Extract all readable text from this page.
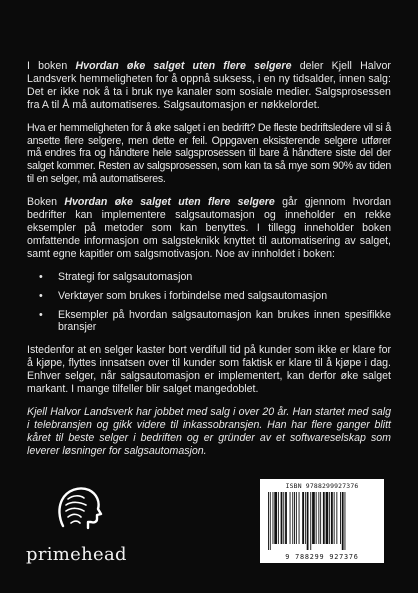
I boken Hvordan øke salget uten flere selgere deler Kjell Halvor Landsverk hemmeligheten for å oppnå suksess, i en ny tidsalder, innen salg: Det er ikke nok å ta i bruk nye kanaler som sosiale medier. Salgsprosessen fra A til Å må automatiseres. Salgsautomasjon er nøkkelordet.

Hva er hemmeligheten for å øke salget i en bedrift? De fleste bedriftsledere vil si å ansette flere selgere, men dette er feil. Oppgaven eksisterende selgere utfører må endres fra og håndtere hele salgsprosessen til bare å håndtere siste del der salget kommer. Resten av salgsprosessen, som kan ta så mye som 90% av tiden til en selger, må automatiseres.

Boken Hvordan øke salget uten flere selgere går gjennom hvordan bedrifter kan implementere salgsautomasjon og inneholder en rekke eksempler på metoder som kan benyttes. I tillegg inneholder boken omfattende informasjon om salgsteknikk knyttet til automatisering av salget, samt egne kapitler om salgsmotivasjon. Noe av innholdet i boken:

• Strategi for salgsautomasjon
• Verktøyer som brukes i forbindelse med salgsautomasjon
• Eksempler på hvordan salgsautomasjon kan brukes innen spesifikke bransjer

Istedenfor at en selger kaster bort verdifull tid på kunder som ikke er klare for å kjøpe, flyttes innsatsen over til kunder som faktisk er klare til å kjøpe i dag. Enhver selger, når salgsautomasjon er implementert, kan derfor øke salget markant. I mange tilfeller blir salget mangedoblet.

Kjell Halvor Landsverk har jobbet med salg i over 20 år. Han startet med salg i telebransjen og gikk videre til inkassobransjen. Han har flere ganger blitt kåret til beste selger i bedriften og er gründer av et softwareselskap som leverer løsninger for salgsautomasjon.

primehead
ISBN 9788299927376
9 788299 927376
